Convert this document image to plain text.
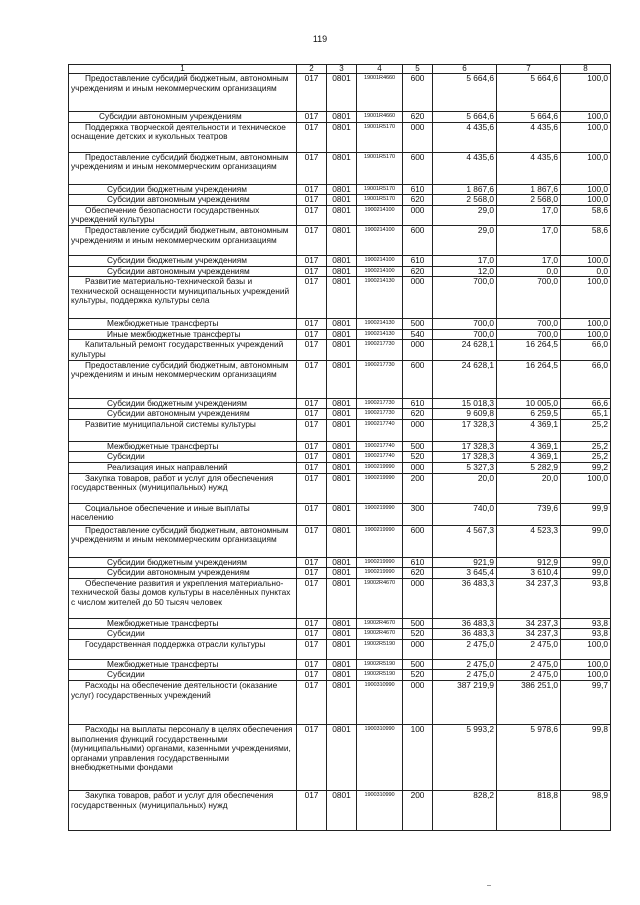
119
1	2	3	4	5	6	7	8
Предоставление субсидий бюджетным, автономным учреждениям и иным некоммерческим организациям	017	0801	19001R4660	600	5 664,6	5 664,6	100,0
Субсидии автономным учреждениям	017	0801	19001R4660	620	5 664,6	5 664,6	100,0
Поддержка творческой деятельности и техническое оснащение детских и кукольных театров	017	0801	19001R5170	000	4 435,6	4 435,6	100,0
Предоставление субсидий бюджетным, автономным учреждениям и иным некоммерческим организациям	017	0801	19001R5170	600	4 435,6	4 435,6	100,0
Субсидии бюджетным учреждениям	017	0801	19001R5170	610	1 867,6	1 867,6	100,0
Субсидии автономным учреждениям	017	0801	19001R5170	620	2 568,0	2 568,0	100,0
Обеспечение безопасности государственных учреждений культуры	017	0801	1900214100	000	29,0	17,0	58,6
Предоставление субсидий бюджетным, автономным учреждениям и иным некоммерческим организациям	017	0801	1900214100	600	29,0	17,0	58,6
Субсидии бюджетным учреждениям	017	0801	1900214100	610	17,0	17,0	100,0
Субсидии автономным учреждениям	017	0801	1900214100	620	12,0	0,0	0,0
Развитие материально-технической базы и технической оснащенности муниципальных учреждений культуры, поддержка культуры села	017	0801	1900214130	000	700,0	700,0	100,0
Межбюджетные трансферты	017	0801	1900214130	500	700,0	700,0	100,0
Иные межбюджетные трансферты	017	0801	1900214130	540	700,0	700,0	100,0
Капитальный ремонт государственных учреждений культуры	017	0801	1900217730	000	24 628,1	16 264,5	66,0
Предоставление субсидий бюджетным, автономным учреждениям и иным некоммерческим организациям	017	0801	1900217730	600	24 628,1	16 264,5	66,0
Субсидии бюджетным учреждениям	017	0801	1900217730	610	15 018,3	10 005,0	66,6
Субсидии автономным учреждениям	017	0801	1900217730	620	9 609,8	6 259,5	65,1
Развитие муниципальной системы культуры	017	0801	1900217740	000	17 328,3	4 369,1	25,2
Межбюджетные трансферты	017	0801	1900217740	500	17 328,3	4 369,1	25,2
Субсидии	017	0801	1900217740	520	17 328,3	4 369,1	25,2
Реализация иных направлений	017	0801	1900219990	000	5 327,3	5 282,9	99,2
Закупка товаров, работ и услуг для обеспечения государственных (муниципальных) нужд	017	0801	1900219990	200	20,0	20,0	100,0
Социальное обеспечение и иные выплаты населению	017	0801	1900219990	300	740,0	739,6	99,9
Предоставление субсидий бюджетным, автономным учреждениям и иным некоммерческим организациям	017	0801	1900219990	600	4 567,3	4 523,3	99,0
Субсидии бюджетным учреждениям	017	0801	1900219990	610	921,9	912,9	99,0
Субсидии автономным учреждениям	017	0801	1900219990	620	3 645,4	3 610,4	99,0
Обеспечение развития и укрепления материально-технической базы домов культуры в населённых пунктах с числом жителей до 50 тысяч человек	017	0801	19002R4670	000	36 483,3	34 237,3	93,8
Межбюджетные трансферты	017	0801	19002R4670	500	36 483,3	34 237,3	93,8
Субсидии	017	0801	19002R4670	520	36 483,3	34 237,3	93,8
Государственная поддержка отрасли культуры	017	0801	19002R5190	000	2 475,0	2 475,0	100,0
Межбюджетные трансферты	017	0801	19002R5190	500	2 475,0	2 475,0	100,0
Субсидии	017	0801	19002R5190	520	2 475,0	2 475,0	100,0
Расходы на обеспечение деятельности (оказание услуг) государственных учреждений	017	0801	1900310990	000	387 219,9	386 251,0	99,7
Расходы на выплаты персоналу в целях обеспечения выполнения функций государственными (муниципальными) органами, казенными учреждениями, органами управления государственными внебюджетными фондами	017	0801	1900310990	100	5 993,2	5 978,6	99,8
Закупка товаров, работ и услуг для обеспечения государственных (муниципальных) нужд	017	0801	1900310990	200	828,2	818,8	98,9
